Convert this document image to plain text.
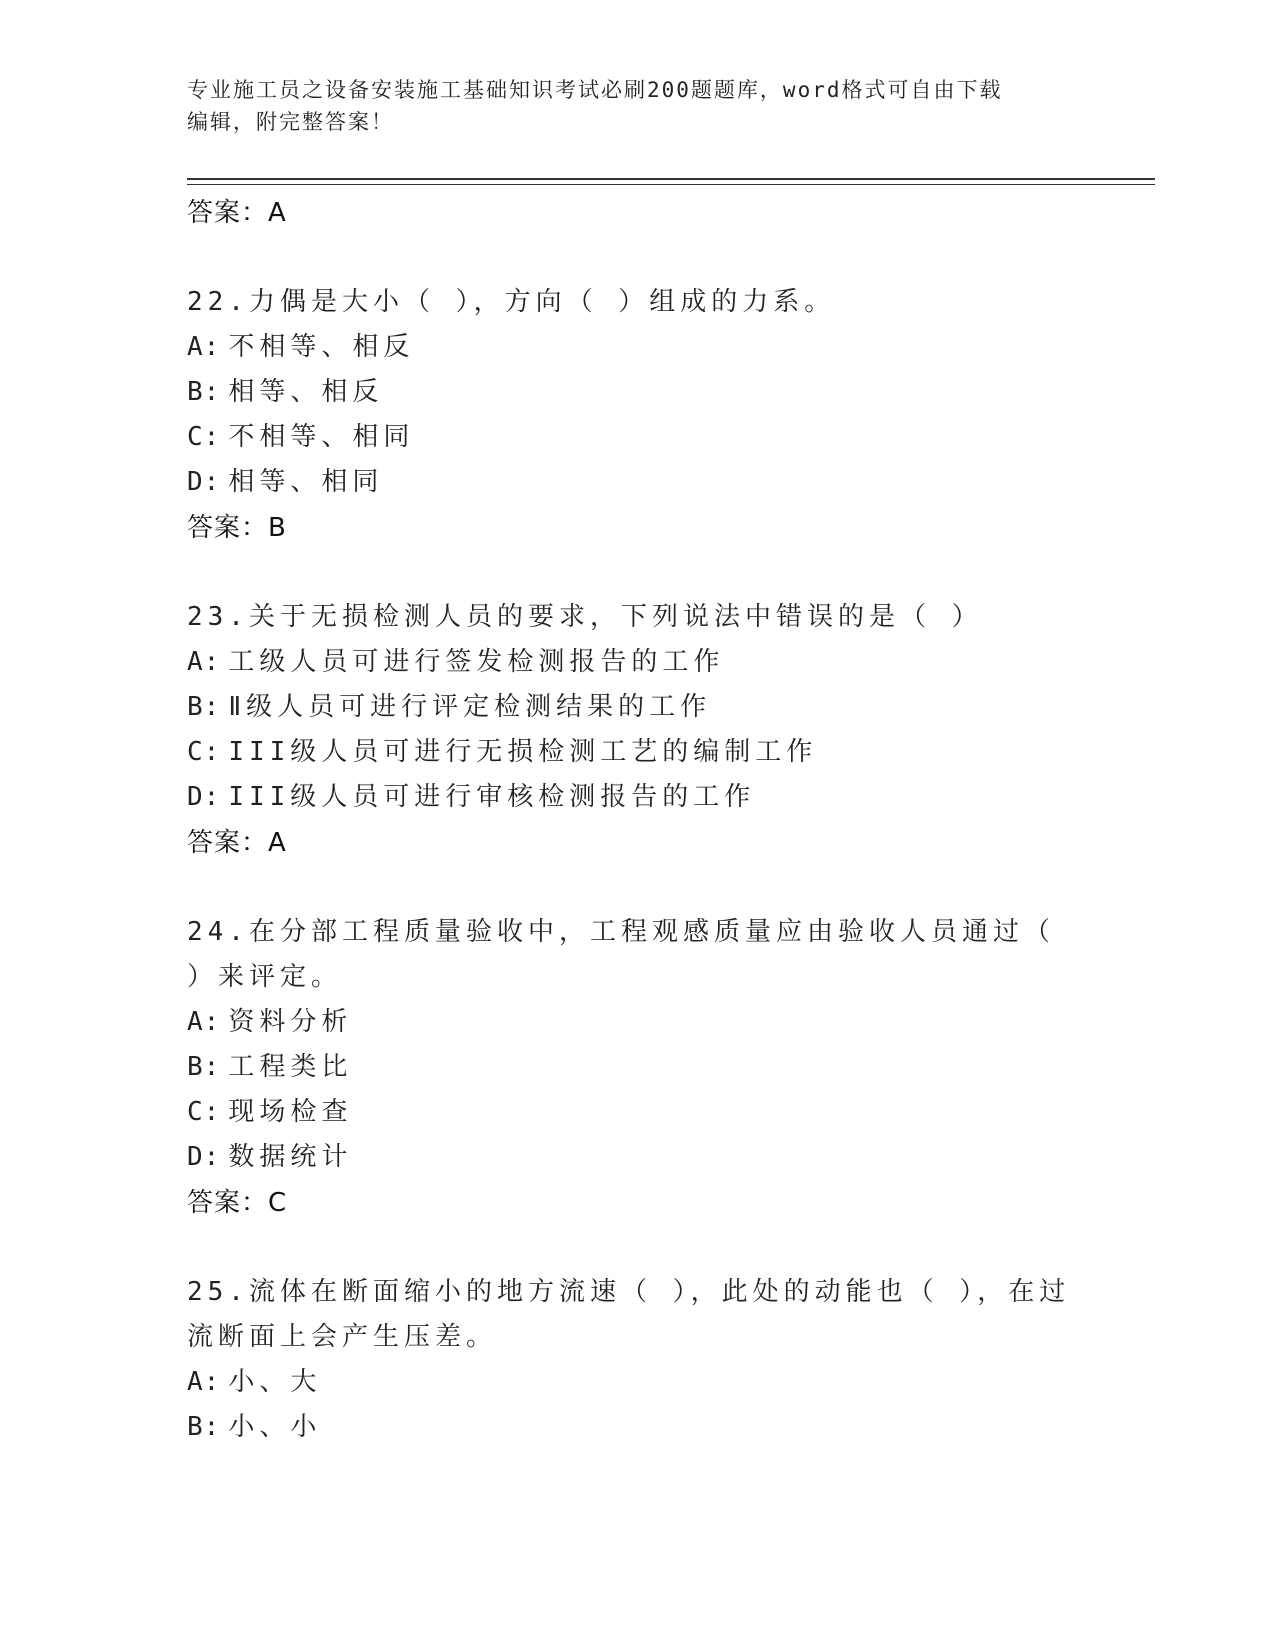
专业施工员之设备安装施工基础知识考试必刷200题题库，word格式可自由下载
编辑，附完整答案！
答案：A
22.力偶是大小（ ），方向（ ）组成的力系。
A: 不相等、相反
B: 相等、相反
C: 不相等、相同
D: 相等、相同
答案：B
23.关于无损检测人员的要求，下列说法中错误的是（ ）
A: 工级人员可进行签发检测报告的工作
B: Ⅱ级人员可进行评定检测结果的工作
C: III级人员可进行无损检测工艺的编制工作
D: III级人员可进行审核检测报告的工作
答案：A
24.在分部工程质量验收中，工程观感质量应由验收人员通过（ ）来评定。
A: 资料分析
B: 工程类比
C: 现场检查
D: 数据统计
答案：C
25.流体在断面缩小的地方流速（ ），此处的动能也（ ），在过流断面上会产生压差。
A: 小、大
B: 小、小
